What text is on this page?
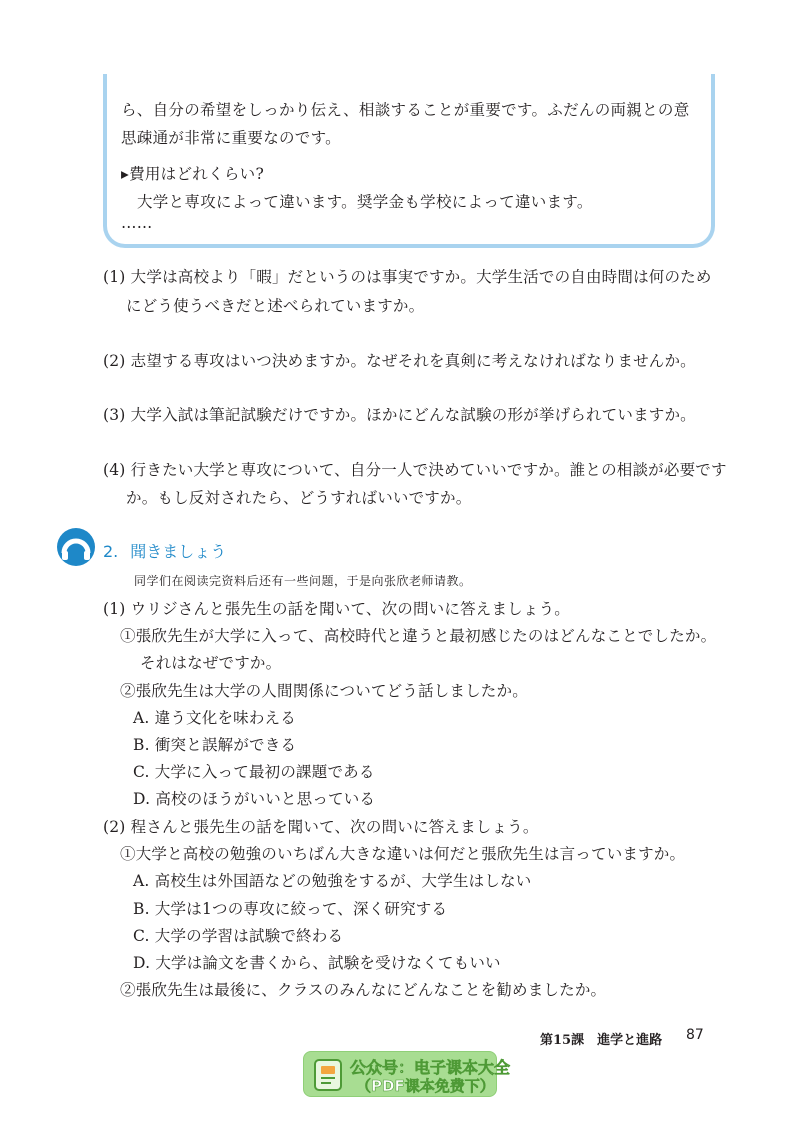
ら、自分の希望をしっかり伝え、相談することが重要です。ふだんの両親との意
思疎通が非常に重要なのです。
▸費用はどれくらい?
大学と専攻によって違います。奨学金も学校によって違います。
……
(1) 大学は高校より「暇」だというのは事実ですか。大学生活での自由時間は何のため
にどう使うべきだと述べられていますか。
(2) 志望する専攻はいつ決めますか。なぜそれを真剣に考えなければなりませんか。
(3) 大学入試は筆記試験だけですか。ほかにどんな試験の形が挙げられていますか。
(4) 行きたい大学と専攻について、自分一人で決めていいですか。誰との相談が必要です
か。もし反対されたら、どうすればいいですか。
2. 聞きましょう
同学们在阅读完资料后还有一些问题，于是向张欣老师请教。
(1) ウリジさんと張先生の話を聞いて、次の問いに答えましょう。
①張欣先生が大学に入って、高校時代と違うと最初感じたのはどんなことでしたか。
それはなぜですか。
②張欣先生は大学の人間関係についてどう話しましたか。
A. 違う文化を味わえる
B. 衝突と誤解ができる
C. 大学に入って最初の課題である
D. 高校のほうがいいと思っている
(2) 程さんと張先生の話を聞いて、次の問いに答えましょう。
①大学と高校の勉強のいちばん大きな違いは何だと張欣先生は言っていますか。
A. 高校生は外国語などの勉強をするが、大学生はしない
B. 大学は1つの専攻に絞って、深く研究する
C. 大学の学習は試験で終わる
D. 大学は論文を書くから、試験を受けなくてもいい
②張欣先生は最後に、クラスのみんなにどんなことを勧めましたか。
第15課　進学と進路 87
公众号：电子课本大全
（PDF课本免费下）
